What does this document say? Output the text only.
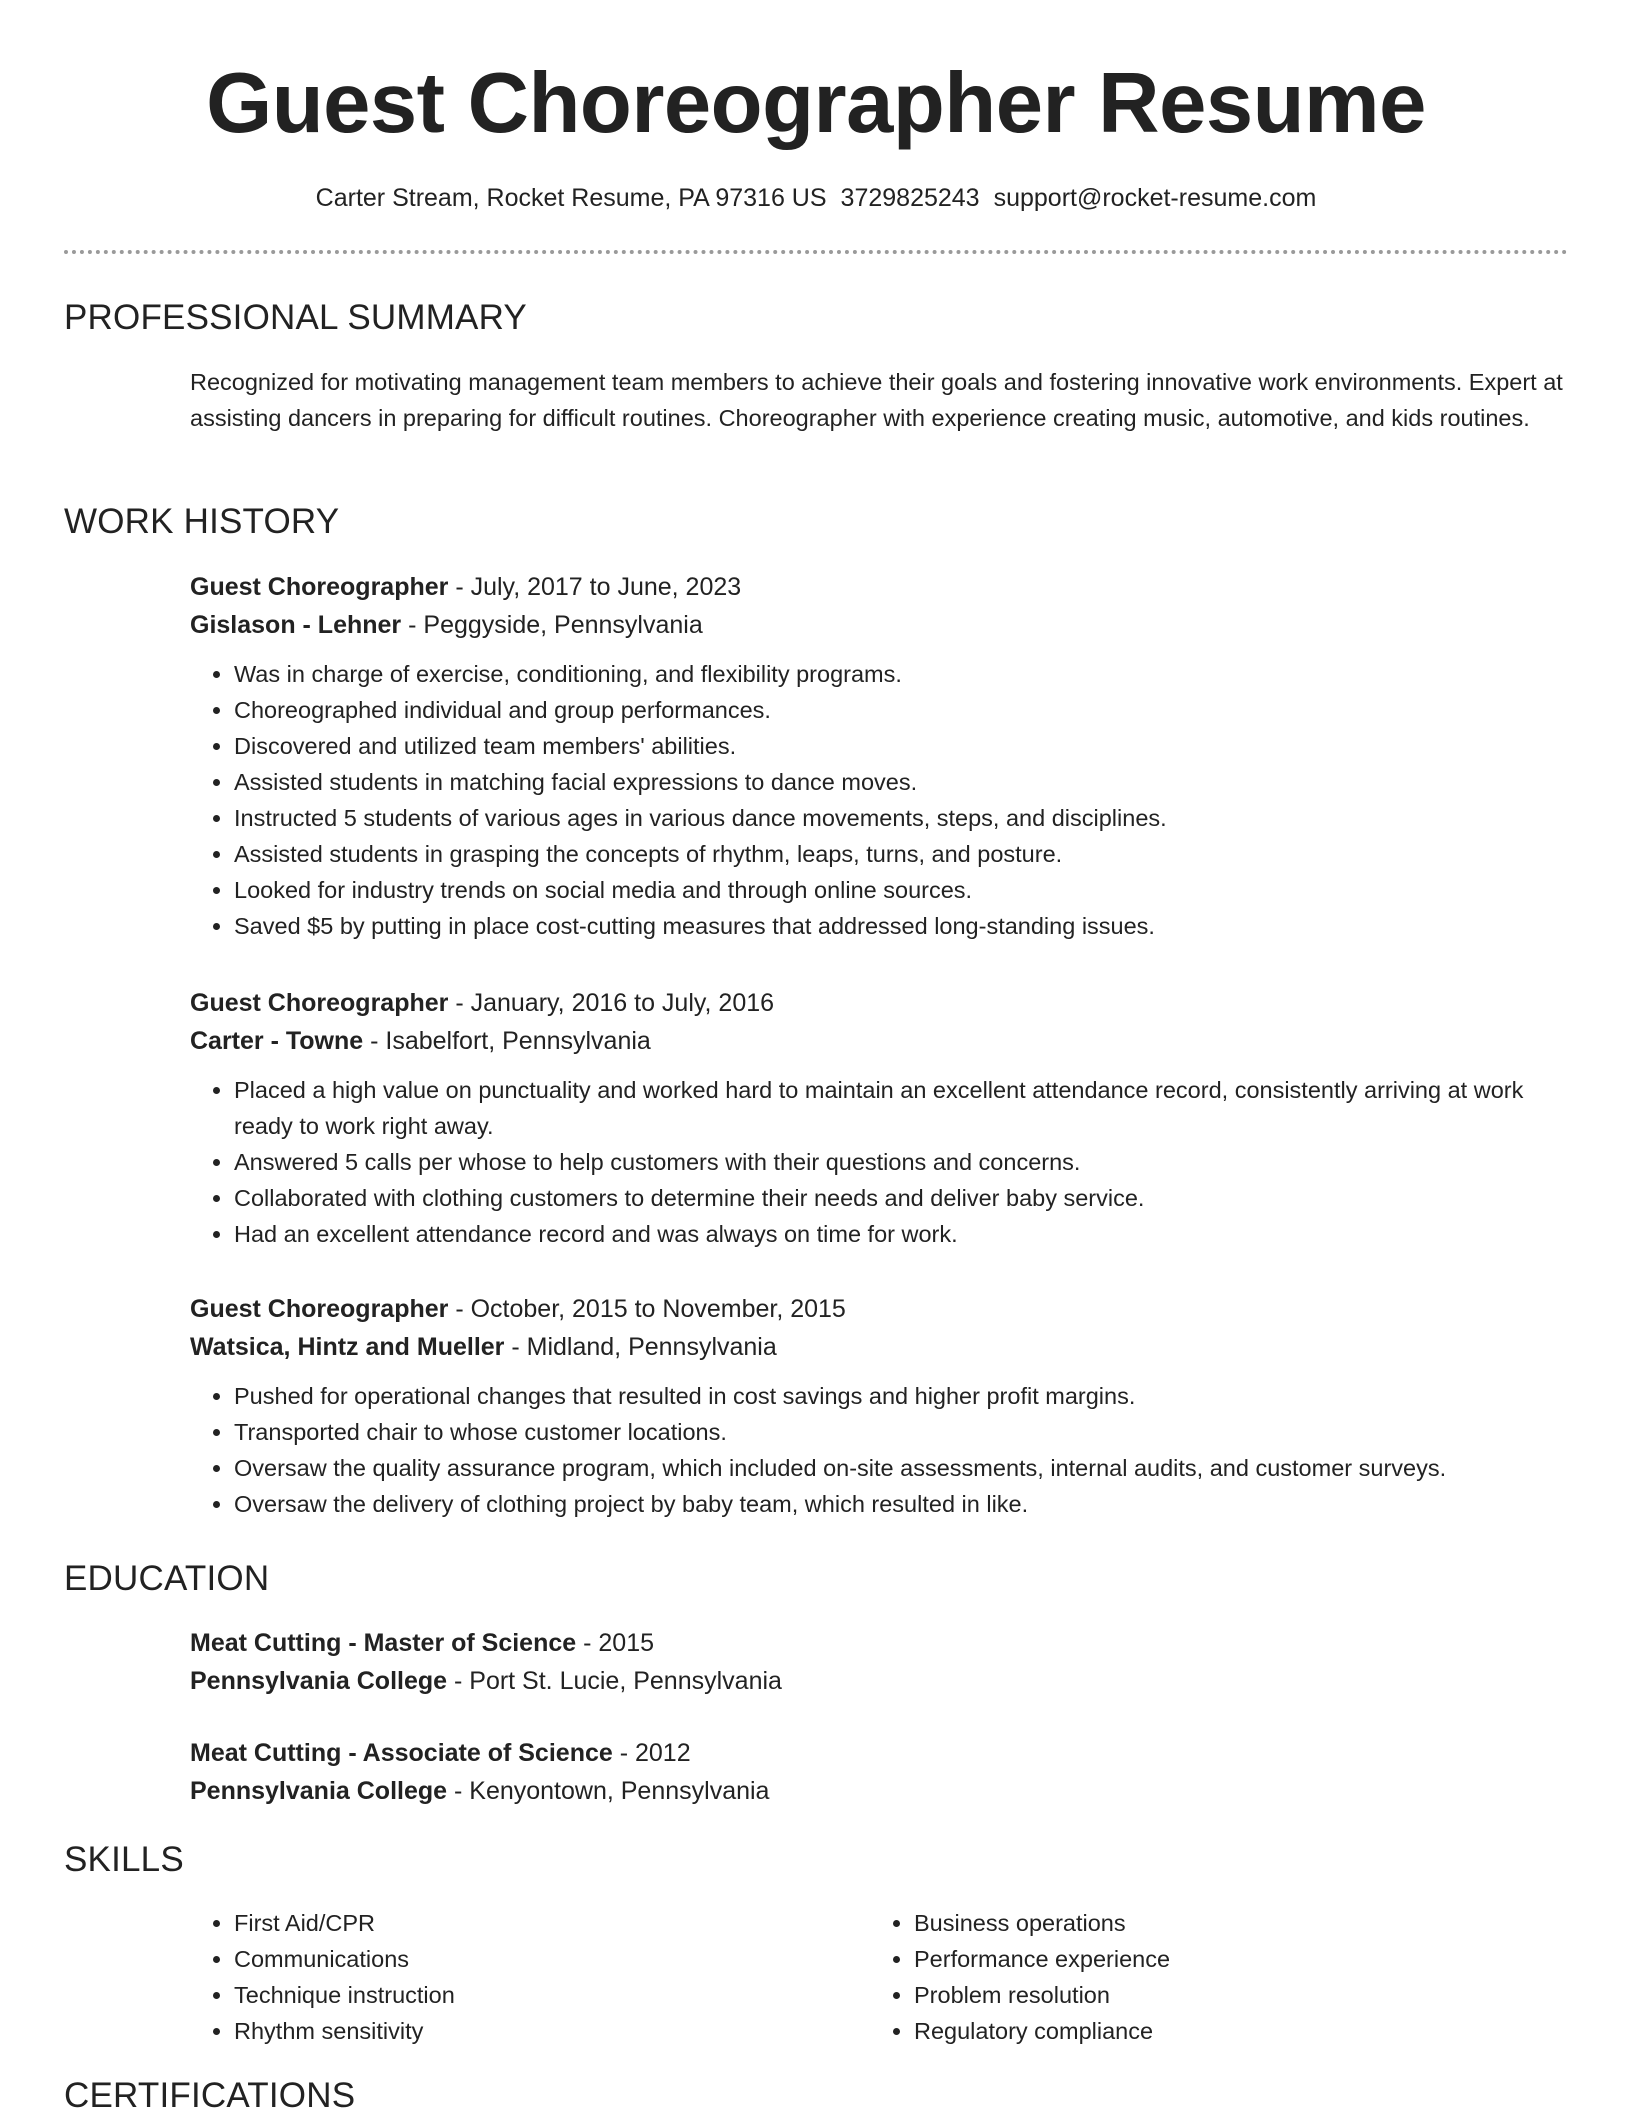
Guest Choreographer Resume
Carter Stream, Rocket Resume, PA 97316 US 3729825243 support@rocket-resume.com
PROFESSIONAL SUMMARY

Recognized for motivating management team members to achieve their goals and fostering innovative work environments. Expert at assisting dancers in preparing for difficult routines. Choreographer with experience creating music, automotive, and kids routines.

WORK HISTORY

Guest Choreographer - July, 2017 to June, 2023

Gislason - Lehner - Peggyside, Pennsylvania

• Was in charge of exercise, conditioning, and flexibility programs.
• Choreographed individual and group performances.
• Discovered and utilized team members' abilities.
• Assisted students in matching facial expressions to dance moves.
• Instructed 5 students of various ages in various dance movements, steps, and disciplines.
• Assisted students in grasping the concepts of rhythm, leaps, turns, and posture.
• Looked for industry trends on social media and through online sources.
• Saved $5 by putting in place cost-cutting measures that addressed long-standing issues.

Guest Choreographer - January, 2016 to July, 2016

Carter - Towne - Isabelfort, Pennsylvania

• Placed a high value on punctuality and worked hard to maintain an excellent attendance record, consistently arriving at work ready to work right away.
• Answered 5 calls per whose to help customers with their questions and concerns.
• Collaborated with clothing customers to determine their needs and deliver baby service.
• Had an excellent attendance record and was always on time for work.

Guest Choreographer - October, 2015 to November, 2015

Watsica, Hintz and Mueller - Midland, Pennsylvania

• Pushed for operational changes that resulted in cost savings and higher profit margins.
• Transported chair to whose customer locations.
• Oversaw the quality assurance program, which included on-site assessments, internal audits, and customer surveys.
• Oversaw the delivery of clothing project by baby team, which resulted in like.
EDUCATION

Meat Cutting - Master of Science - 2015

Pennsylvania College - Port St. Lucie, Pennsylvania

Meat Cutting - Associate of Science - 2012

Pennsylvania College - Kenyontown, Pennsylvania

SKILLS
• First Aid/CPR
• Communications
• Technique instruction
• Rhythm sensitivity
• Business operations
• Performance experience
• Problem resolution
• Regulatory compliance
CERTIFICATIONS
